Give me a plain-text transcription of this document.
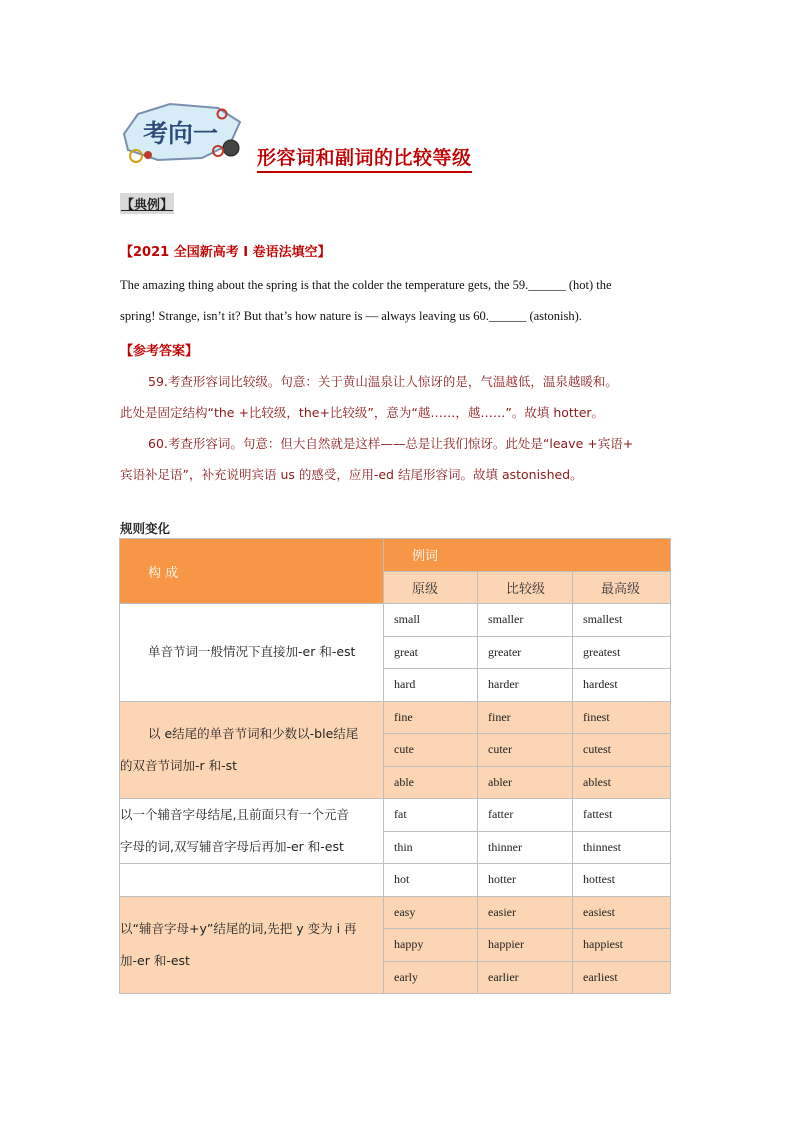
考向一
形容词和副词的比较等级
【典例】
【2021 全国新高考 I 卷语法填空】
The amazing thing about the spring is that the colder the temperature gets, the 59.______ (hot) the
spring! Strange, isn’t it? But that’s how nature is — always leaving us 60.______ (astonish).
【参考答案】
59.考查形容词比较级。句意：关于黄山温泉让人惊讶的是，气温越低，温泉越暖和。
此处是固定结构“the +比较级，the+比较级”，意为“越……，越……”。故填 hotter。
60.考查形容词。句意：但大自然就是这样——总是让我们惊讶。此处是“leave +宾语+
宾语补足语”，补充说明宾语 us 的感受，应用-ed 结尾形容词。故填 astonished。
规则变化
构 成	例词		
	原级	比较级	最高级
单音节词一般情况下直接加-er 和-est	small	smaller	smallest
	great	greater	greatest
	hard	harder	hardest
以 e结尾的单音节词和少数以-ble结尾
的双音节词加-r 和-st	fine	finer	finest
	cute	cuter	cutest
	able	abler	ablest
以一个辅音字母结尾,且前面只有一个元音
字母的词,双写辅音字母后再加-er 和-est	fat	fatter	fattest
	thin	thinner	thinnest
	hot	hotter	hottest
以“辅音字母+y”结尾的词,先把 y 变为 i 再
加-er 和-est	easy	easier	easiest
	happy	happier	happiest
	early	earlier	earliest
